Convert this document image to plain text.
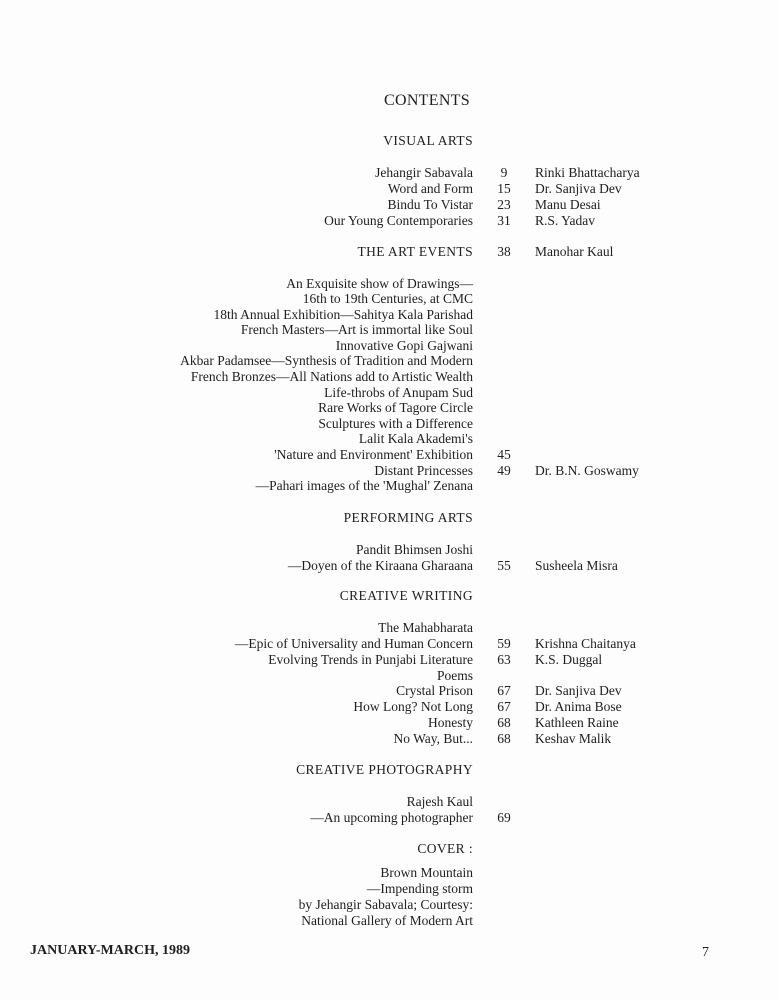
CONTENTS
VISUAL ARTS
Jehangir Sabavala	9	Rinki Bhattacharya
Word and Form	15	Dr. Sanjiva Dev
Bindu To Vistar	23	Manu Desai
Our Young Contemporaries	31	R.S. Yadav
THE ART EVENTS	38	Manohar Kaul
An Exquisite show of Drawings—
16th to 19th Centuries, at CMC
18th Annual Exhibition—Sahitya Kala Parishad
French Masters—Art is immortal like Soul
Innovative Gopi Gajwani
Akbar Padamsee—Synthesis of Tradition and Modern
French Bronzes—All Nations add to Artistic Wealth
Life-throbs of Anupam Sud
Rare Works of Tagore Circle
Sculptures with a Difference
Lalit Kala Akademi's
'Nature and Environment' Exhibition	45
Distant Princesses	49	Dr. B.N. Goswamy
—Pahari images of the 'Mughal' Zenana
PERFORMING ARTS
Pandit Bhimsen Joshi
—Doyen of the Kiraana Gharaana	55	Susheela Misra
CREATIVE WRITING
The Mahabharata
—Epic of Universality and Human Concern	59	Krishna Chaitanya
Evolving Trends in Punjabi Literature	63	K.S. Duggal
Poems
Crystal Prison	67	Dr. Sanjiva Dev
How Long? Not Long	67	Dr. Anima Bose
Honesty	68	Kathleen Raine
No Way, But...	68	Keshav Malik
CREATIVE PHOTOGRAPHY
Rajesh Kaul
—An upcoming photographer	69
COVER :
Brown Mountain
—Impending storm
by Jehangir Sabavala; Courtesy:
National Gallery of Modern Art
JANUARY-MARCH, 1989	7
